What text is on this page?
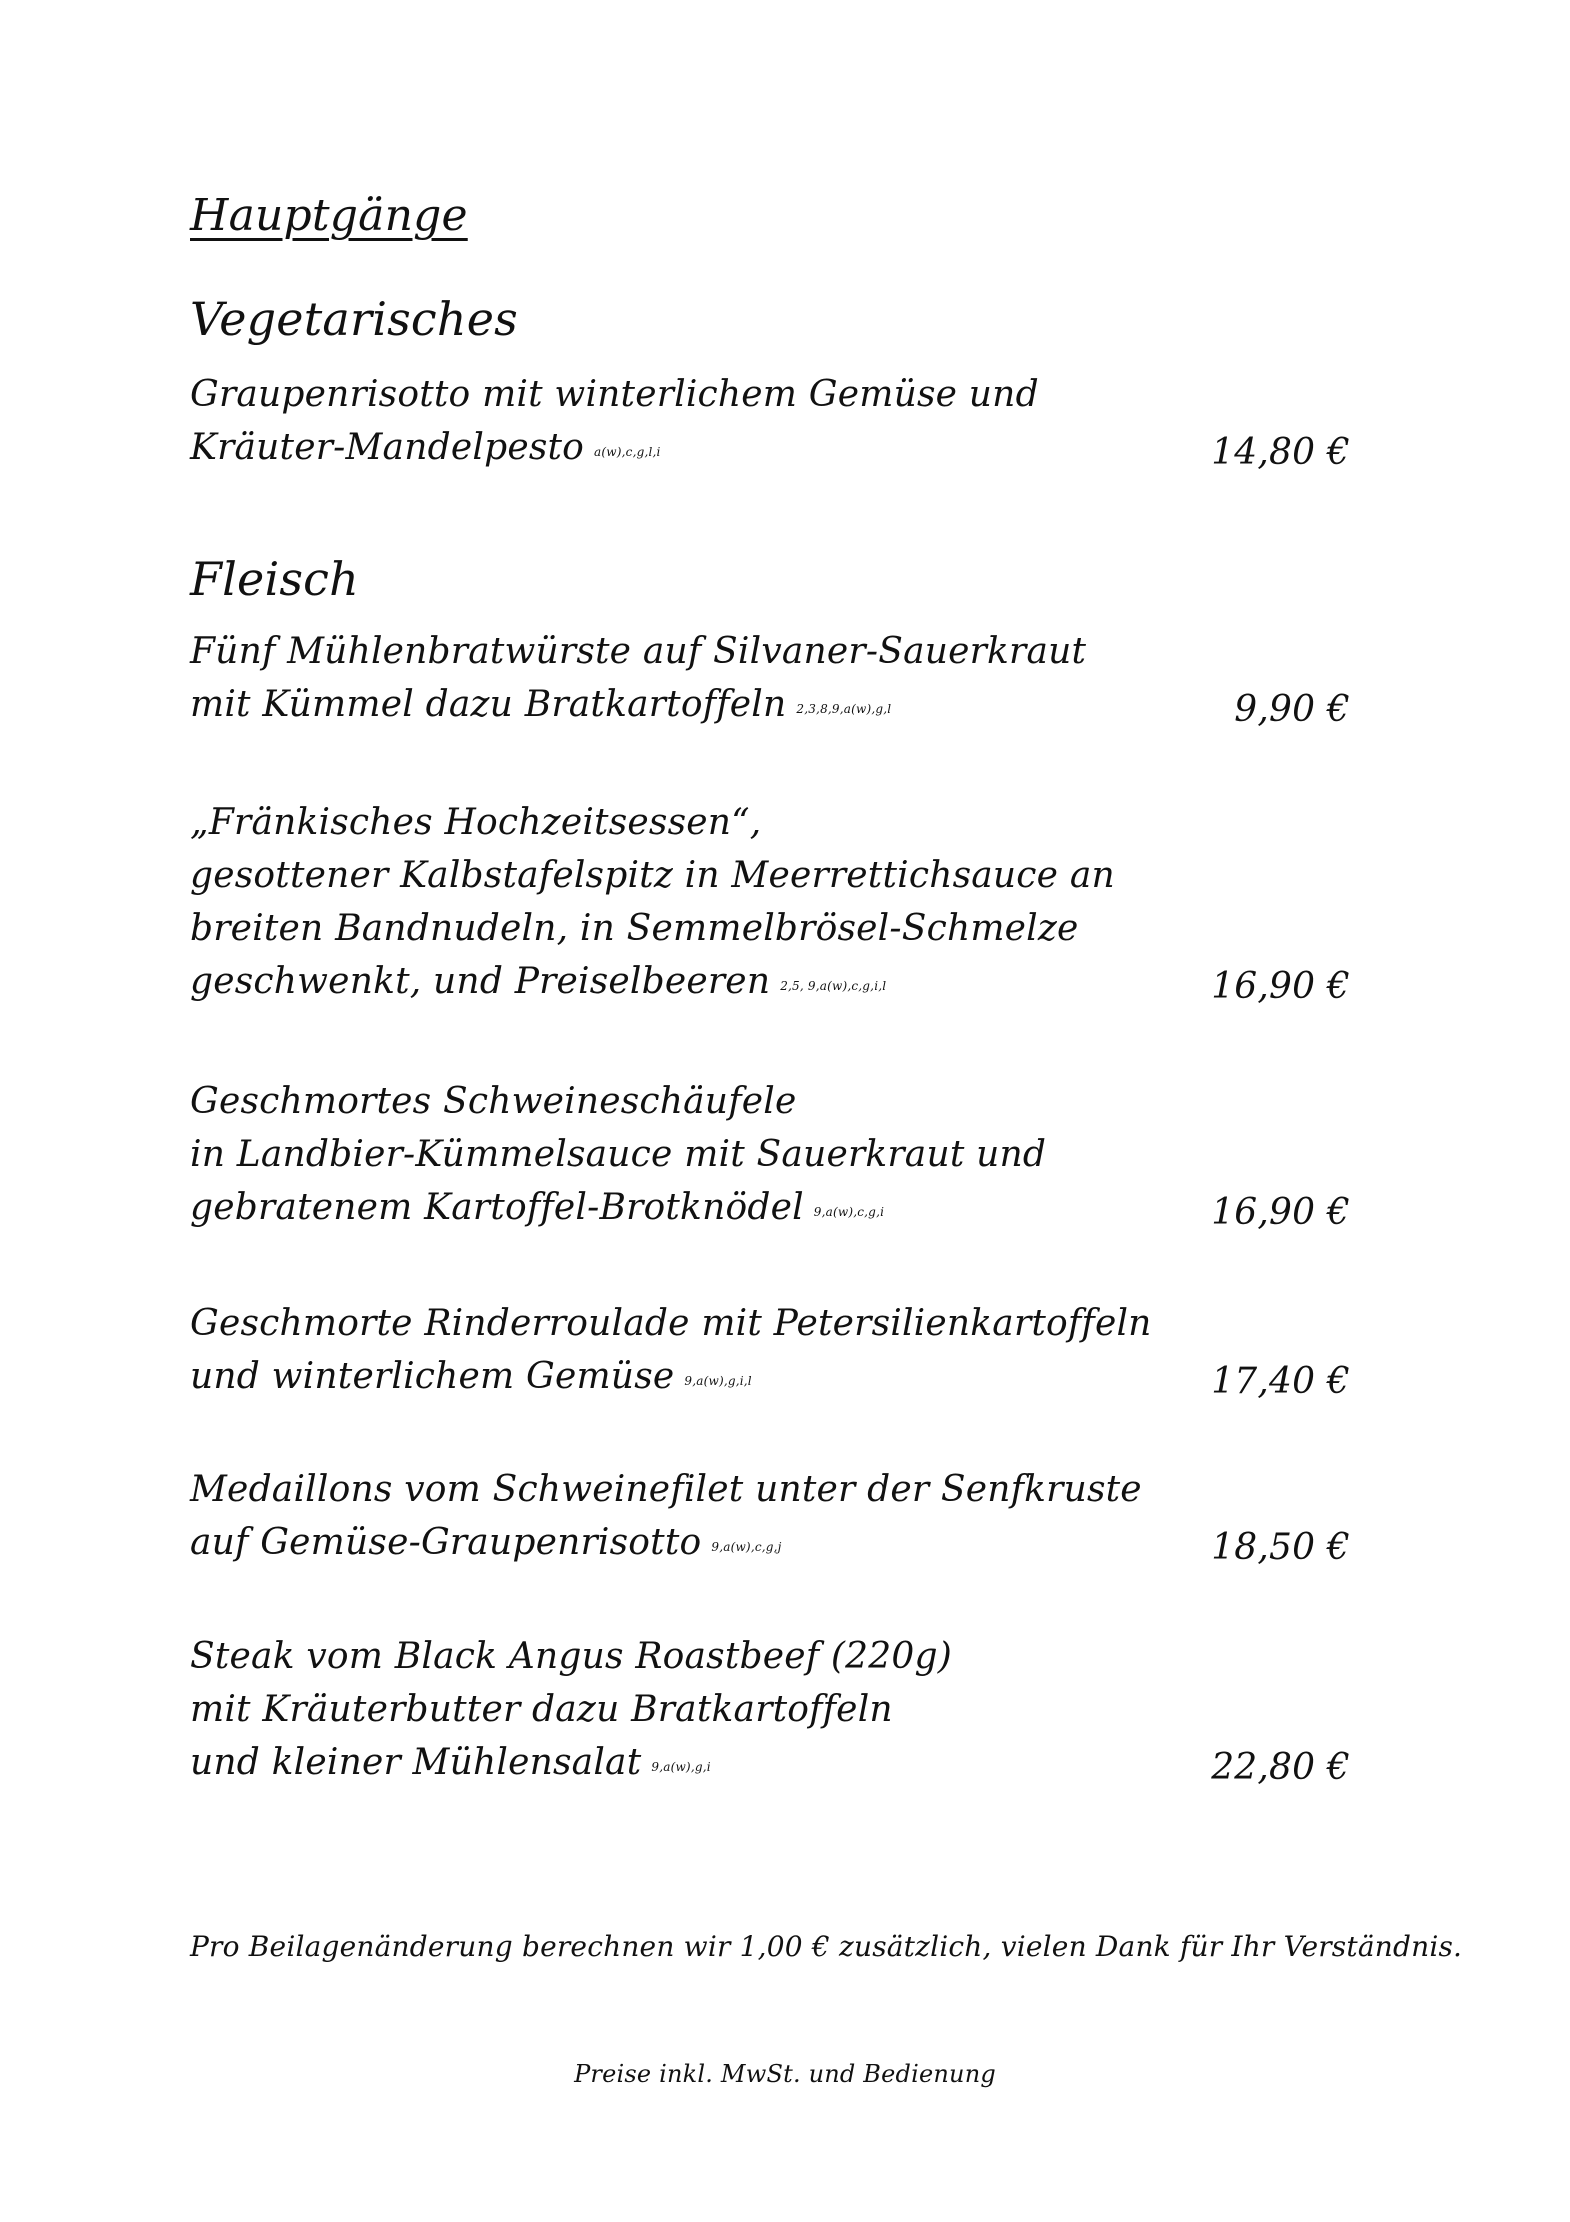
Hauptgänge
Vegetarisches
Graupenrisotto mit winterlichem Gemüse und
Kräuter-Mandelpesto a(w),c,g,l,i	14,80 €
Fleisch
Fünf Mühlenbratwürste auf Silvaner-Sauerkraut
mit Kümmel dazu Bratkartoffeln 2,3,8,9,a(w),g,l	9,90 €
„Fränkisches Hochzeitsessen“,
gesottener Kalbstafelspitz in Meerrettichsauce an
breiten Bandnudeln, in Semmelbrösel-Schmelze
geschwenkt, und Preiselbeeren 2,5, 9,a(w),c,g,i,l	16,90 €
Geschmortes Schweineschäufele
in Landbier-Kümmelsauce mit Sauerkraut und
gebratenem Kartoffel-Brotknödel 9,a(w),c,g,i	16,90 €
Geschmorte Rinderroulade mit Petersilienkartoffeln
und winterlichem Gemüse 9,a(w),g,i,l	17,40 €
Medaillons vom Schweinefilet unter der Senfkruste
auf Gemüse-Graupenrisotto 9,a(w),c,g,j	18,50 €
Steak vom Black Angus Roastbeef (220g)
mit Kräuterbutter dazu Bratkartoffeln
und kleiner Mühlensalat 9,a(w),g,i	22,80 €
Pro Beilagenänderung berechnen wir 1,00 € zusätzlich, vielen Dank für Ihr Verständnis.
Preise inkl. MwSt. und Bedienung
